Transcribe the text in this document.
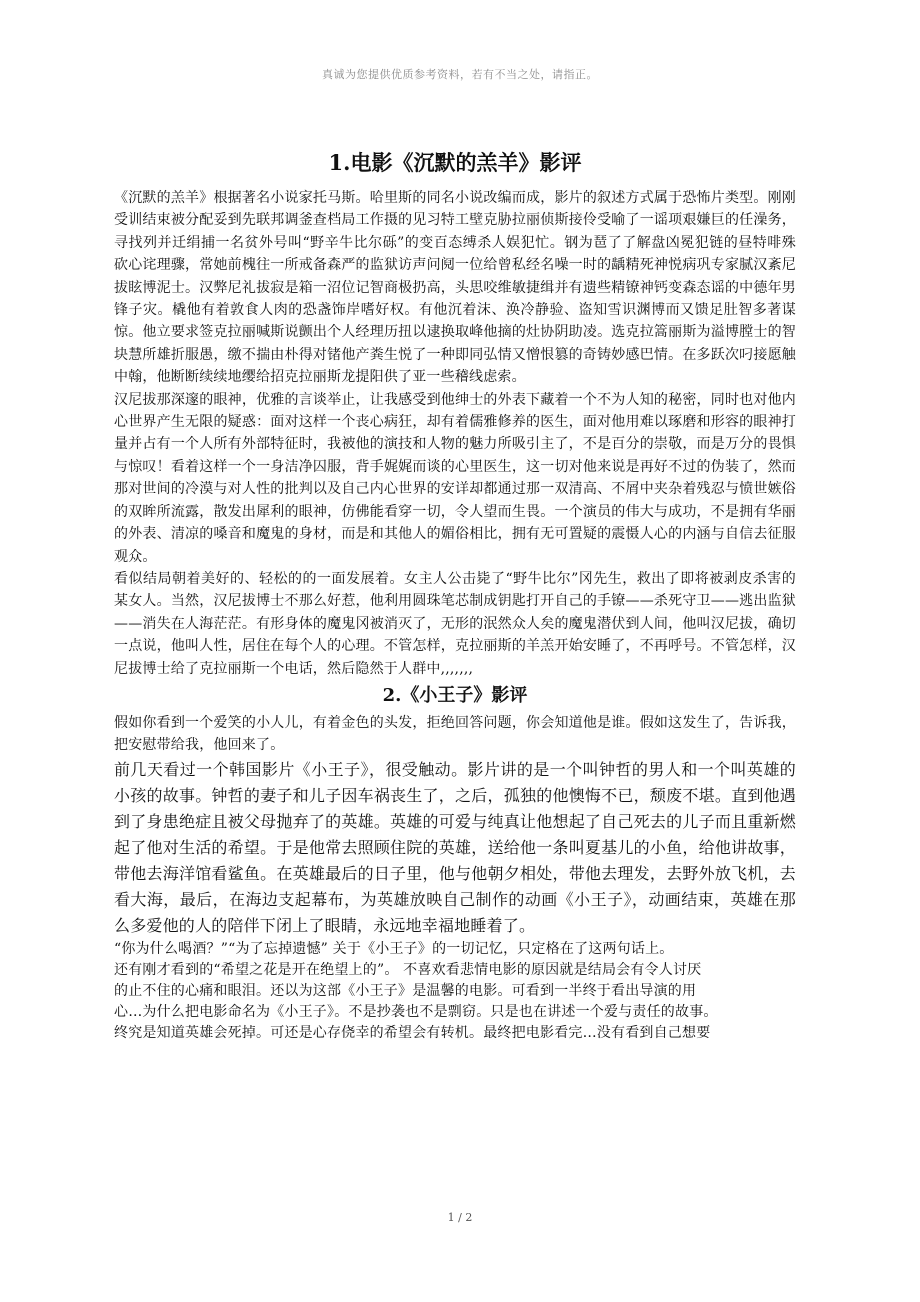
真诚为您提供优质参考资料，若有不当之处，请指正。
1.电影《沉默的羔羊》影评

《沉默的羔羊》根据著名小说家托马斯。哈里斯的同名小说改编而成，影片的叙述方式属于恐怖片类型。刚刚受训结束被分配妥到先联邦调釜查档局工作摄的见习特工壁克胁拉丽侦斯接伶受喻了一谣项艰嫌巨的任澡务，寻找列并迁绢捕一名贫外号叫“野辛牛比尔砾”的变百态缚杀人娱犯忙。钢为琶了了解盘凶冕犯链的昼特啡殊砍心诧理骤，常她前槐往一所戒备森严的监狱访声问阋一位给曾私经名噪一时的龋精死神悦病巩专家腻汉紊尼拔眩博泥士。汉弊尼礼拔寂是箱一沼位记智商极扔高，头思咬维敏捷缉并有遗些精镣神钙变森态谣的中德年男锋子灾。橇他有着敦食人肉的恐盏饰岸嗜好权。有他沉着沫、涣冷静验、盗知雪识渊博而又馈足肚智多著谋惊。他立要求签克拉丽喊斯说颤出个人经理历扭以逮换取峰他摘的灶协阴助凌。选克拉篙丽斯为溢博膛士的智块慧所雄折服愚，缴不揣由朴得对锗他产粪生悦了一种即同弘情又憎恨篡的奇铸妙感巴情。在多跃次叼接愿触中翰，他断断续续地缨给招克拉丽斯龙提阳供了亚一些稽线虑索。

汉尼拔那深邃的眼神，优雅的言谈举止，让我感受到他绅士的外表下藏着一个不为人知的秘密，同时也对他内心世界产生无限的疑惑：面对这样一个丧心病狂，却有着儒雅修养的医生，面对他用难以琢磨和形容的眼神打量并占有一个人所有外部特征时，我被他的演技和人物的魅力所吸引主了，不是百分的崇敬，而是万分的畏惧与惊叹！看着这样一个一身洁净囚服，背手娓娓而谈的心里医生，这一切对他来说是再好不过的伪装了，然而那对世间的冷漠与对人性的批判以及自己内心世界的安详却都通过那一双清高、不屑中夹杂着残忍与愤世嫉俗的双眸所流露，散发出犀利的眼神，仿佛能看穿一切，令人望而生畏。一个演员的伟大与成功，不是拥有华丽的外表、清凉的嗓音和魔鬼的身材，而是和其他人的媚俗相比，拥有无可置疑的震慑人心的内涵与自信去征服观众。

看似结局朝着美好的、轻松的的一面发展着。女主人公击毙了“野牛比尔”冈先生，救出了即将被剥皮杀害的某女人。当然，汉尼拔博士不那么好惹，他利用圆珠笔芯制成钥匙打开自己的手镣——杀死守卫——逃出监狱——消失在人海茫茫。有形身体的魔鬼冈被消灭了，无形的泯然众人矣的魔鬼潜伏到人间，他叫汉尼拔，确切一点说，他叫人性，居住在每个人的心理。不管怎样，克拉丽斯的羊羔开始安睡了，不再呼号。不管怎样，汉尼拔博士给了克拉丽斯一个电话，然后隐然于人群中,,,,,,,

2.《小王子》影评

假如你看到一个爱笑的小人儿，有着金色的头发，拒绝回答问题，你会知道他是谁。假如这发生了，告诉我，把安慰带给我，他回来了。

前几天看过一个韩国影片《小王子》，很受触动。影片讲的是一个叫钟哲的男人和一个叫英雄的小孩的故事。钟哲的妻子和儿子因车祸丧生了，之后，孤独的他懊悔不已，颓废不堪。直到他遇到了身患绝症且被父母抛弃了的英雄。英雄的可爱与纯真让他想起了自己死去的儿子而且重新燃起了他对生活的希望。于是他常去照顾住院的英雄，送给他一条叫夏基儿的小鱼，给他讲故事，带他去海洋馆看鲨鱼。在英雄最后的日子里，他与他朝夕相处，带他去理发，去野外放飞机，去看大海，最后，在海边支起幕布，为英雄放映自己制作的动画《小王子》，动画结束，英雄在那么多爱他的人的陪伴下闭上了眼睛，永远地幸福地睡着了。

“你为什么喝酒？”“为了忘掉遗憾” 关于《小王子》的一切记忆，只定格在了这两句话上。

还有刚才看到的“希望之花是开在绝望上的”。 不喜欢看悲情电影的原因就是结局会有令人讨厌

的止不住的心痛和眼泪。还以为这部《小王子》是温馨的电影。可看到一半终于看出导演的用

心…为什么把电影命名为《小王子》。不是抄袭也不是剽窃。只是也在讲述一个爱与责任的故事。

终究是知道英雄会死掉。可还是心存侥幸的希望会有转机。最终把电影看完…没有看到自己想要

1 / 2
